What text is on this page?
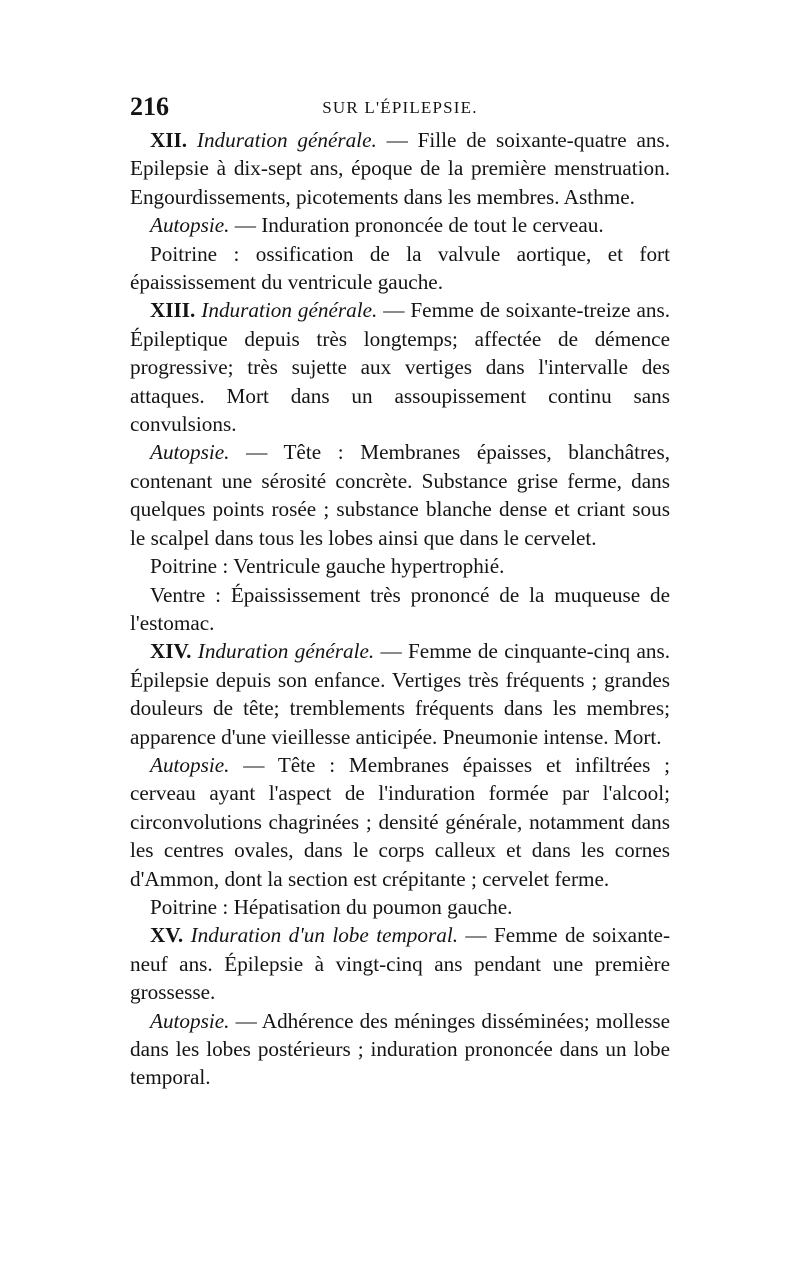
216	SUR L'ÉPILEPSIE.

XII. Induration générale. — Fille de soixante-quatre ans. Epilepsie à dix-sept ans, époque de la première menstruation. Engourdissements, picotements dans les membres. Asthme.

Autopsie. — Induration prononcée de tout le cerveau.

Poitrine : ossification de la valvule aortique, et fort épaississement du ventricule gauche.

XIII. Induration générale. — Femme de soixante-treize ans. Épileptique depuis très longtemps; affectée de démence progressive; très sujette aux vertiges dans l'intervalle des attaques. Mort dans un assoupissement continu sans convulsions.

Autopsie. — Tête : Membranes épaisses, blanchâtres, contenant une sérosité concrète. Substance grise ferme, dans quelques points rosée ; substance blanche dense et criant sous le scalpel dans tous les lobes ainsi que dans le cervelet.

Poitrine : Ventricule gauche hypertrophié.

Ventre : Épaississement très prononcé de la muqueuse de l'estomac.

XIV. Induration générale. — Femme de cinquante-cinq ans. Épilepsie depuis son enfance. Vertiges très fréquents ; grandes douleurs de tête; tremblements fréquents dans les membres; apparence d'une vieillesse anticipée. Pneumonie intense. Mort.

Autopsie. — Tête : Membranes épaisses et infiltrées ; cerveau ayant l'aspect de l'induration formée par l'alcool; circonvolutions chagrinées ; densité générale, notamment dans les centres ovales, dans le corps calleux et dans les cornes d'Ammon, dont la section est crépitante ; cervelet ferme.

Poitrine : Hépatisation du poumon gauche.

XV. Induration d'un lobe temporal. — Femme de soixante-neuf ans. Épilepsie à vingt-cinq ans pendant une première grossesse.

Autopsie. — Adhérence des méninges disséminées; mollesse dans les lobes postérieurs ; induration prononcée dans un lobe temporal.
